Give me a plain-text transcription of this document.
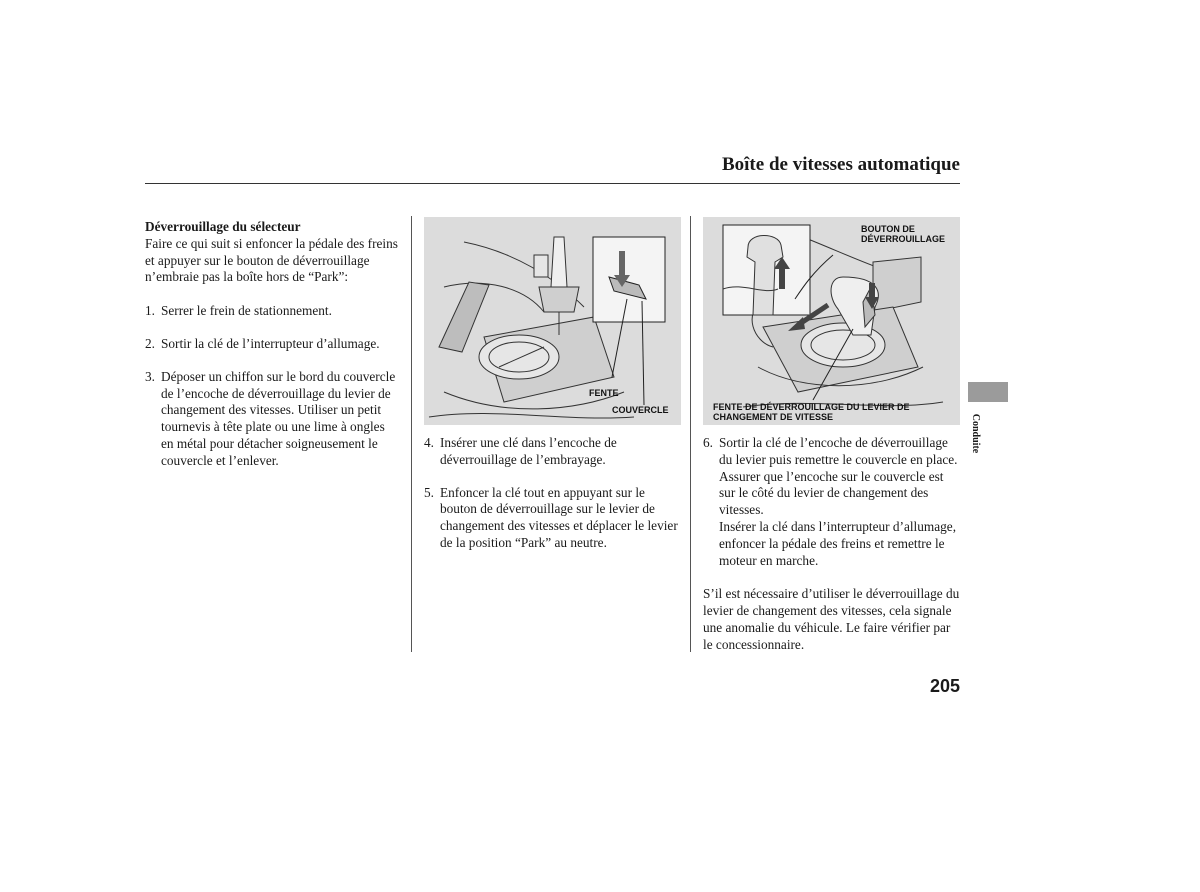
Boîte de vitesses automatique

Déverrouillage du sélecteur

Faire ce qui suit si enfoncer la pédale des freins et appuyer sur le bouton de déverrouillage n’embraie pas la boîte hors de “Park”:

1. Serrer le frein de stationnement.
2. Sortir la clé de l’interrupteur d’allumage.
3. Déposer un chiffon sur le bord du couvercle de l’encoche de déverrouillage du levier de changement des vitesses. Utiliser un petit tournevis à tête plate ou une lime à ongles en métal pour détacher soigneusement le couvercle et l’enlever.
FENTE
COUVERCLE
4. Insérer une clé dans l’encoche de déverrouillage de l’embrayage.
5. Enfoncer la clé tout en appuyant sur le bouton de déverrouillage sur le levier de changement des vitesses et déplacer le levier de la position “Park” au neutre.
BOUTON DE DÉVERROUILLAGE
FENTE DE DÉVERROUILLAGE DU LEVIER DE CHANGEMENT DE VITESSE
6. Sortir la clé de l’encoche de déverrouillage du levier puis remettre le couvercle en place. Assurer que l’encoche sur le couvercle est sur le côté du levier de changement des vitesses.
Insérer la clé dans l’interrupteur d’allumage, enfoncer la pédale des freins et remettre le moteur en marche.

S’il est nécessaire d’utiliser le déverrouillage du levier de changement des vitesses, cela signale une anomalie du véhicule. Le faire vérifier par le concessionnaire.

Conduite
205
